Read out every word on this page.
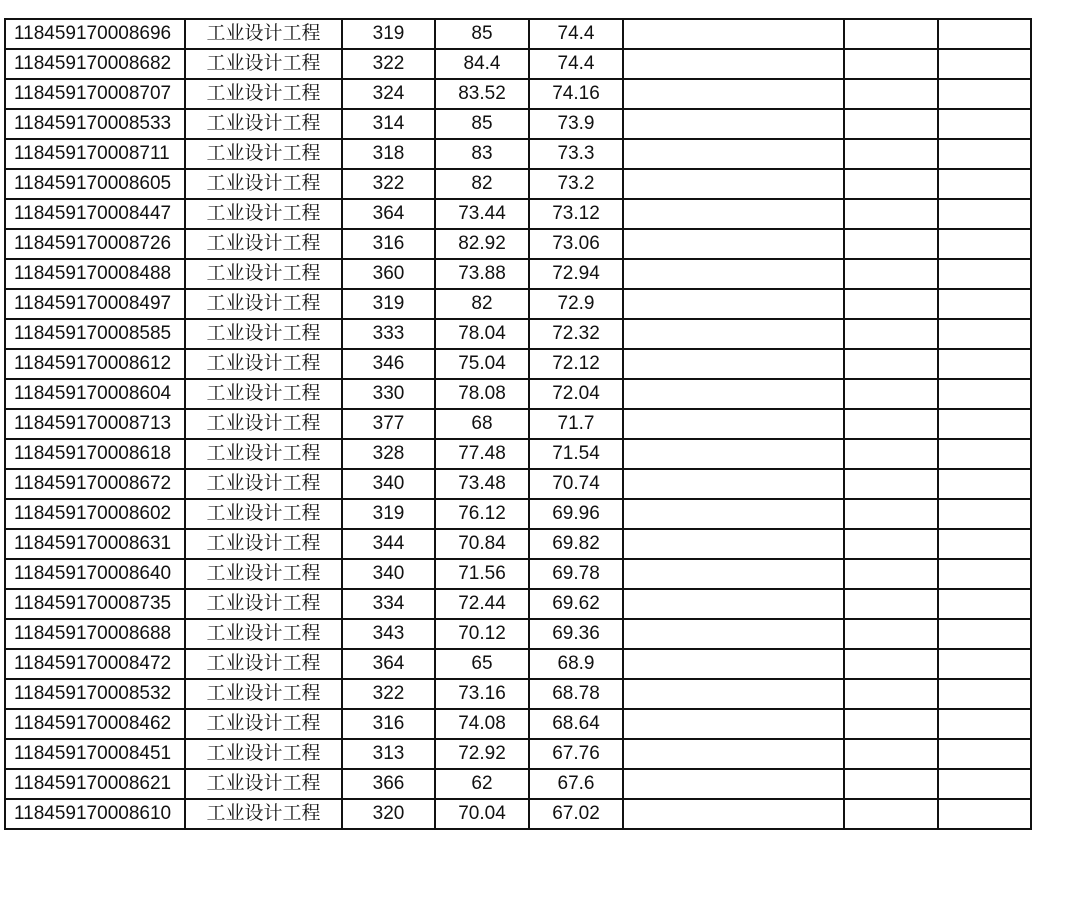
118459170008696	工业设计工程	319	85	74.4			
118459170008682	工业设计工程	322	84.4	74.4			
118459170008707	工业设计工程	324	83.52	74.16			
118459170008533	工业设计工程	314	85	73.9			
118459170008711	工业设计工程	318	83	73.3			
118459170008605	工业设计工程	322	82	73.2			
118459170008447	工业设计工程	364	73.44	73.12			
118459170008726	工业设计工程	316	82.92	73.06			
118459170008488	工业设计工程	360	73.88	72.94			
118459170008497	工业设计工程	319	82	72.9			
118459170008585	工业设计工程	333	78.04	72.32			
118459170008612	工业设计工程	346	75.04	72.12			
118459170008604	工业设计工程	330	78.08	72.04			
118459170008713	工业设计工程	377	68	71.7			
118459170008618	工业设计工程	328	77.48	71.54			
118459170008672	工业设计工程	340	73.48	70.74			
118459170008602	工业设计工程	319	76.12	69.96			
118459170008631	工业设计工程	344	70.84	69.82			
118459170008640	工业设计工程	340	71.56	69.78			
118459170008735	工业设计工程	334	72.44	69.62			
118459170008688	工业设计工程	343	70.12	69.36			
118459170008472	工业设计工程	364	65	68.9			
118459170008532	工业设计工程	322	73.16	68.78			
118459170008462	工业设计工程	316	74.08	68.64			
118459170008451	工业设计工程	313	72.92	67.76			
118459170008621	工业设计工程	366	62	67.6			
118459170008610	工业设计工程	320	70.04	67.02			
